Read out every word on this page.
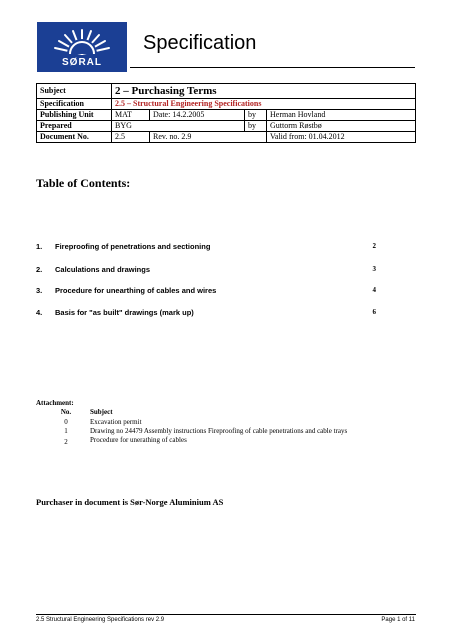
SØRAL
Specification
Subject	2 – Purchasing Terms			
Specification	2.5 – Structural Engineering Specifications			
Publishing Unit	MAT	Date: 14.2.2005	by	Herman Hovland
Prepared	BYG		by	Guttorm Røstbø
Document No.	2.5	Rev. no. 2.9		Valid from: 01.04.2012
Table of Contents:
1. Fireproofing of penetrations and sectioning	2
2. Calculations and drawings	3
3. Procedure for unearthing of cables and wires	4
4. Basis for "as built" drawings (mark up)	6
Attachment:
No.	Subject
0	Excavation permit
1	Drawing no 24479 Assembly instructions Fireproofing of cable penetrations and cable trays
2	Procedure for unerathing of cables
Purchaser in document is Sør-Norge Aluminium AS
2.5 Structural Engineering Specifications rev 2.9	Page 1 of 11
